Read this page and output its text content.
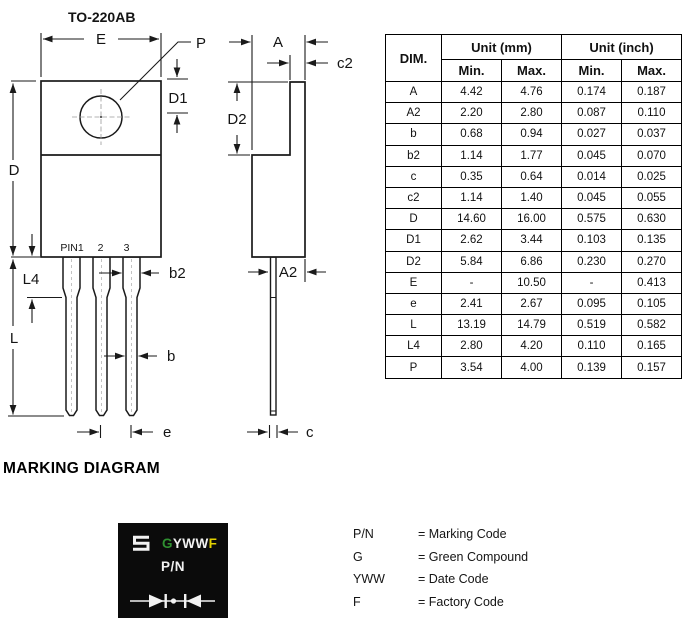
TO-220AB
E	P
D1
D
L4
L
b2
b
e
PIN1 2 3
A
c2
D2
A2
c
DIM.	Unit (mm)		Unit (inch)	
	Min.	Max.	Min.	Max.
A	4.42	4.76	0.174	0.187
A2	2.20	2.80	0.087	0.110
b	0.68	0.94	0.027	0.037
b2	1.14	1.77	0.045	0.070
c	0.35	0.64	0.014	0.025
c2	1.14	1.40	0.045	0.055
D	14.60	16.00	0.575	0.630
D1	2.62	3.44	0.103	0.135
D2	5.84	6.86	0.230	0.270
E	-	10.50	-	0.413
e	2.41	2.67	0.095	0.105
L	13.19	14.79	0.519	0.582
L4	2.80	4.20	0.110	0.165
P	3.54	4.00	0.139	0.157
MARKING DIAGRAM
GYWWF
P/N
P/N	= Marking Code
G	= Green Compound
YWW	= Date Code
F	= Factory Code
